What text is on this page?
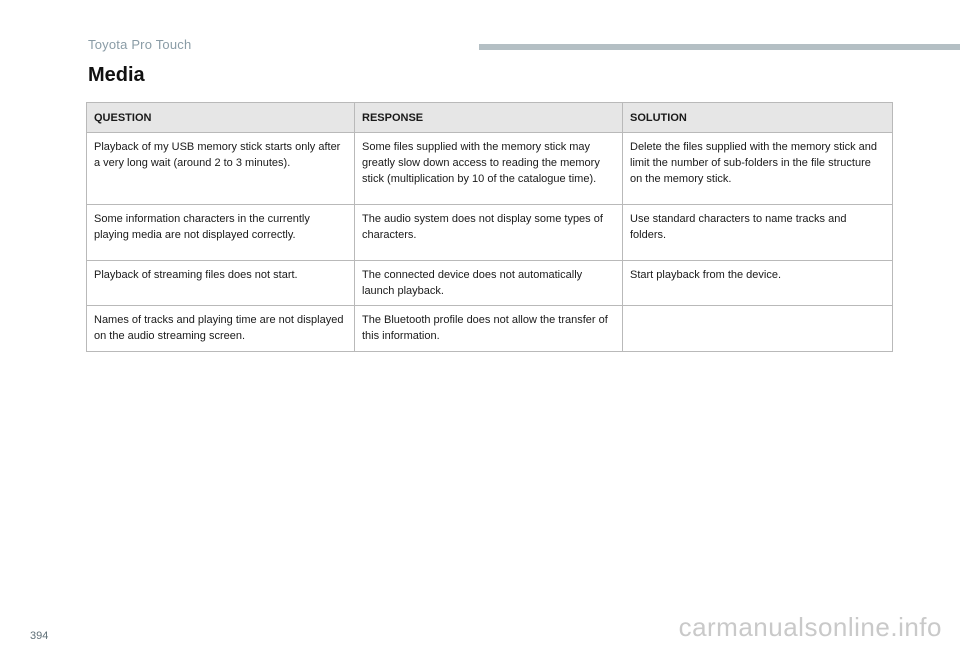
Toyota Pro Touch
Media
QUESTION	RESPONSE	SOLUTION
Playback of my USB memory stick starts only after a very long wait (around 2 to 3 minutes).	Some files supplied with the memory stick may greatly slow down access to reading the memory stick (multiplication by 10 of the catalogue time).	Delete the files supplied with the memory stick and limit the number of sub-folders in the file structure on the memory stick.
Some information characters in the currently playing media are not displayed correctly.	The audio system does not display some types of characters.	Use standard characters to name tracks and folders.
Playback of streaming files does not start.	The connected device does not automatically launch playback.	Start playback from the device.
Names of tracks and playing time are not displayed on the audio streaming screen.	The Bluetooth profile does not allow the transfer of this information.	
394	carmanualsonline.info
